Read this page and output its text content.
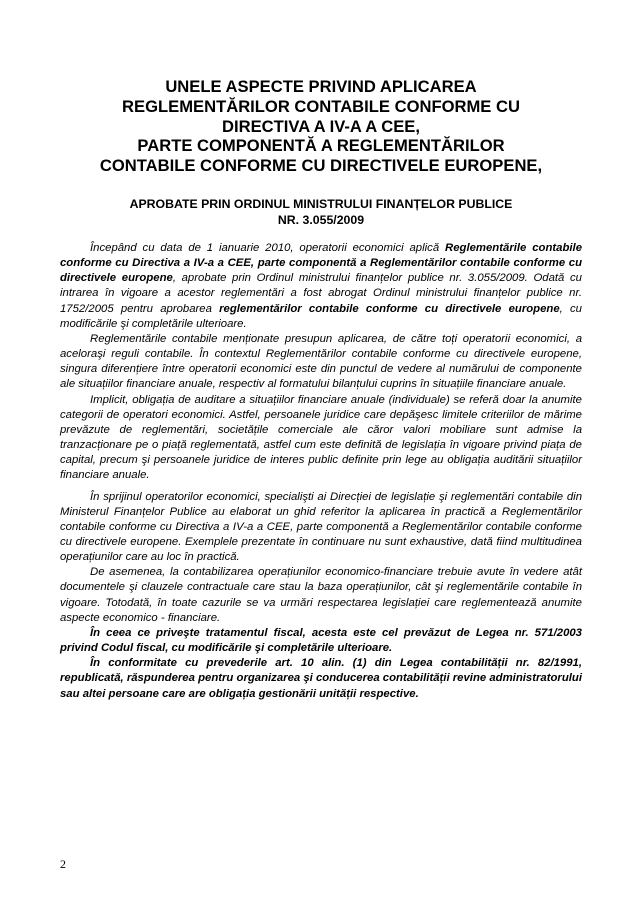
UNELE ASPECTE PRIVIND APLICAREA
REGLEMENTĂRILOR CONTABILE CONFORME CU
DIRECTIVA A IV-A A CEE,
PARTE COMPONENTĂ A REGLEMENTĂRILOR
CONTABILE CONFORME CU DIRECTIVELE EUROPENE,
APROBATE PRIN ORDINUL MINISTRULUI FINANȚELOR PUBLICE
NR. 3.055/2009

Începând cu data de 1 ianuarie 2010, operatorii economici aplică Reglementările contabile conforme cu Directiva a IV-a a CEE, parte componentă a Reglementărilor contabile conforme cu directivele europene, aprobate prin Ordinul ministrului finanțelor publice nr. 3.055/2009. Odată cu intrarea în vigoare a acestor reglementări a fost abrogat Ordinul ministrului finanțelor publice nr. 1752/2005 pentru aprobarea reglementărilor contabile conforme cu directivele europene, cu modificările şi completările ulterioare.

Reglementările contabile menționate presupun aplicarea, de către toți operatorii economici, a aceloraşi reguli contabile. În contextul Reglementărilor contabile conforme cu directivele europene, singura diferențiere între operatorii economici este din punctul de vedere al numărului de componente ale situațiilor financiare anuale, respectiv al formatului bilanțului cuprins în situațiile financiare anuale.

Implicit, obligația de auditare a situațiilor financiare anuale (individuale) se referă doar la anumite categorii de operatori economici. Astfel, persoanele juridice care depăşesc limitele criteriilor de mărime prevăzute de reglementări, societățile comerciale ale căror valori mobiliare sunt admise la tranzacționare pe o piață reglementată, astfel cum este definită de legislația în vigoare privind piața de capital, precum şi persoanele juridice de interes public definite prin lege au obligația auditării situațiilor financiare anuale.

În sprijinul operatorilor economici, specialişti ai Direcției de legislație şi reglementări contabile din Ministerul Finanțelor Publice au elaborat un ghid referitor la aplicarea în practică a Reglementărilor contabile conforme cu Directiva a IV-a a CEE, parte componentă a Reglementărilor contabile conforme cu directivele europene. Exemplele prezentate în continuare nu sunt exhaustive, dată fiind multitudinea operațiunilor care au loc în practică.

De asemenea, la contabilizarea operațiunilor economico-financiare trebuie avute în vedere atât documentele şi clauzele contractuale care stau la baza operațiunilor, cât şi reglementările contabile în vigoare. Totodată, în toate cazurile se va urmări respectarea legislației care reglementează anumite aspecte economico - financiare.

În ceea ce priveşte tratamentul fiscal, acesta este cel prevăzut de Legea nr. 571/2003 privind Codul fiscal, cu modificările şi completările ulterioare.

În conformitate cu prevederile art. 10 alin. (1) din Legea contabilității nr. 82/1991, republicată, răspunderea pentru organizarea şi conducerea contabilității revine administratorului sau altei persoane care are obligația gestionării unității respective.

2
